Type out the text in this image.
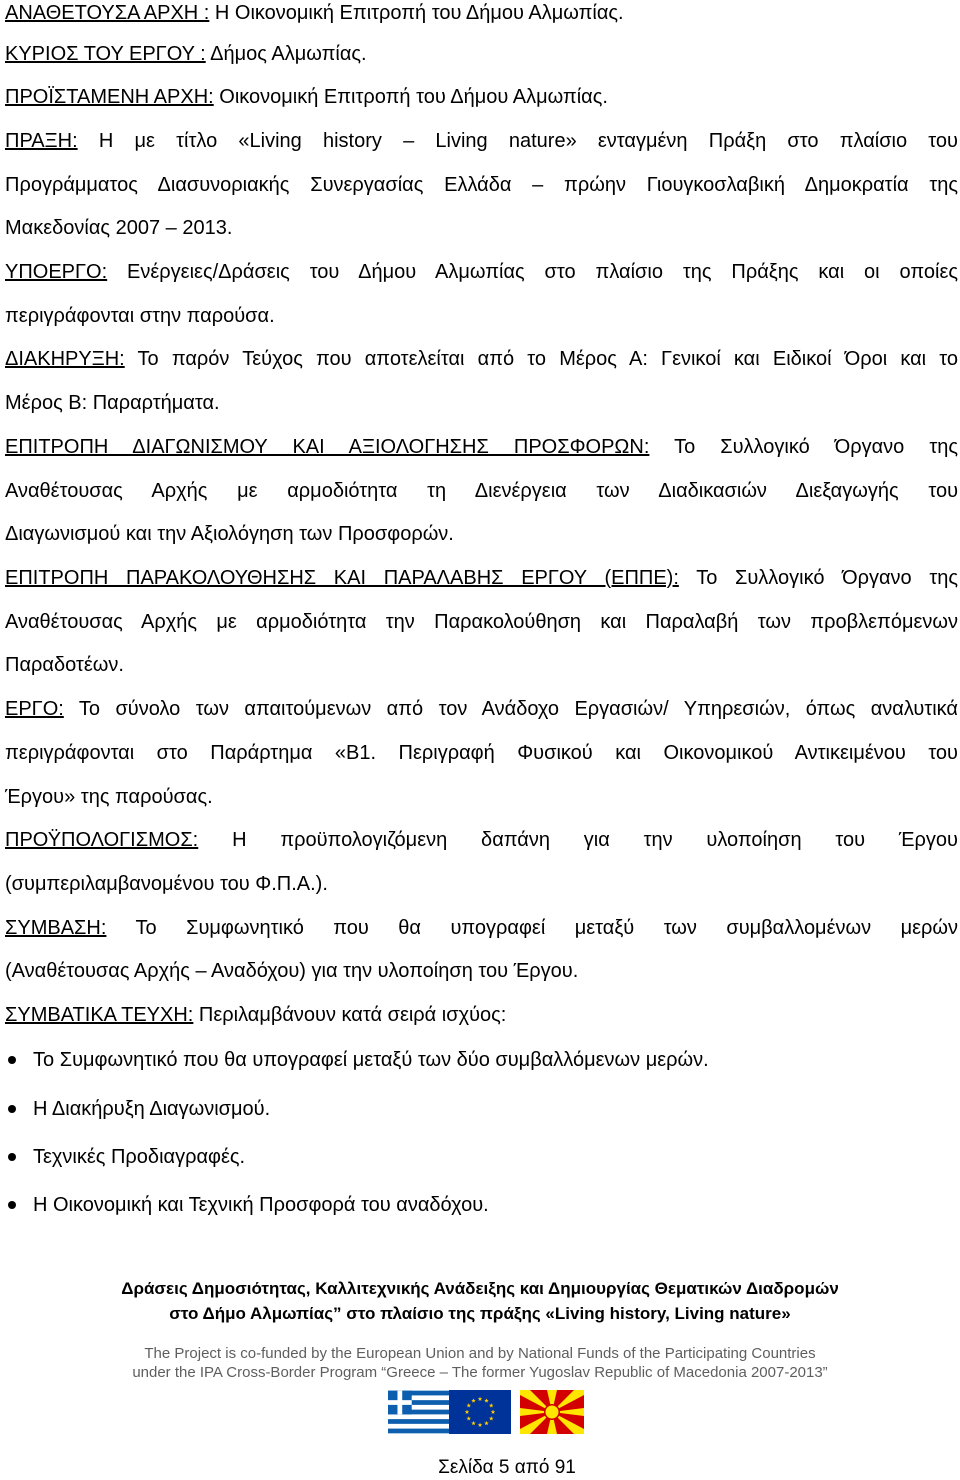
ΑΝΑΘΕΤΟΥΣΑ ΑΡΧΗ : Η Οικονομική Επιτροπή του Δήμου Αλμωπίας.
ΚΥΡΙΟΣ ΤΟΥ ΕΡΓΟΥ : Δήμος Αλμωπίας.
ΠΡΟΪΣΤΑΜΕΝΗ ΑΡΧΗ: Οικονομική Επιτροπή του Δήμου Αλμωπίας.
ΠΡΑΞΗ: Η με τίτλο «Living history – Living nature» ενταγμένη Πράξη στο πλαίσιο του
Προγράμματος Διασυνοριακής Συνεργασίας Ελλάδα – πρώην Γιουγκοσλαβική Δημοκρατία της
Μακεδονίας 2007 – 2013.
ΥΠΟΕΡΓΟ: Ενέργειες/Δράσεις του Δήμου Αλμωπίας στο πλαίσιο της Πράξης και οι οποίες
περιγράφονται στην παρούσα.
ΔΙΑΚΗΡΥΞΗ: Το παρόν Τεύχος που αποτελείται από το Μέρος Α: Γενικοί και Ειδικοί Όροι και το
Μέρος Β: Παραρτήματα.
ΕΠΙΤΡΟΠΗ ΔΙΑΓΩΝΙΣΜΟΥ ΚΑΙ ΑΞΙΟΛΟΓΗΣΗΣ ΠΡΟΣΦΟΡΩΝ: Το Συλλογικό Όργανο της
Αναθέτουσας Αρχής με αρμοδιότητα τη Διενέργεια των Διαδικασιών Διεξαγωγής του
Διαγωνισμού και την Αξιολόγηση των Προσφορών.
ΕΠΙΤΡΟΠΗ ΠΑΡΑΚΟΛΟΥΘΗΣΗΣ ΚΑΙ ΠΑΡΑΛΑΒΗΣ ΕΡΓΟΥ (ΕΠΠΕ): Το Συλλογικό Όργανο της
Αναθέτουσας Αρχής με αρμοδιότητα την Παρακολούθηση και Παραλαβή των προβλεπόμενων
Παραδοτέων.
ΕΡΓΟ: Το σύνολο των απαιτούμενων από τον Ανάδοχο Εργασιών/ Υπηρεσιών, όπως αναλυτικά
περιγράφονται στο Παράρτημα «Β1. Περιγραφή Φυσικού και Οικονομικού Αντικειμένου του
Έργου» της παρούσας.
ΠΡΟΫΠΟΛΟΓΙΣΜΟΣ: Η προϋπολογιζόμενη δαπάνη για την υλοποίηση του Έργου
(συμπεριλαμβανομένου του Φ.Π.Α.).
ΣΥΜΒΑΣΗ: Το Συμφωνητικό που θα υπογραφεί μεταξύ των συμβαλλομένων μερών
(Αναθέτουσας Αρχής – Αναδόχου) για την υλοποίηση του Έργου.
ΣΥΜΒΑΤΙΚΑ ΤΕΥΧΗ: Περιλαμβάνουν κατά σειρά ισχύος:
Το Συμφωνητικό που θα υπογραφεί μεταξύ των δύο συμβαλλόμενων μερών.
Η Διακήρυξη Διαγωνισμού.
Τεχνικές Προδιαγραφές.
Η Οικονομική και Τεχνική Προσφορά του αναδόχου.
Δράσεις Δημοσιότητας, Καλλιτεχνικής Ανάδειξης και Δημιουργίας Θεματικών Διαδρομών
στο Δήμο Αλμωπίας” στο πλαίσιο της πράξης «Living history, Living nature»
The Project is co-funded by the European Union and by National Funds of the Participating Countries
under the IPA Cross-Border Program “Greece – The former Yugoslav Republic of Macedonia 2007-2013”
Σελίδα 5 από 91
